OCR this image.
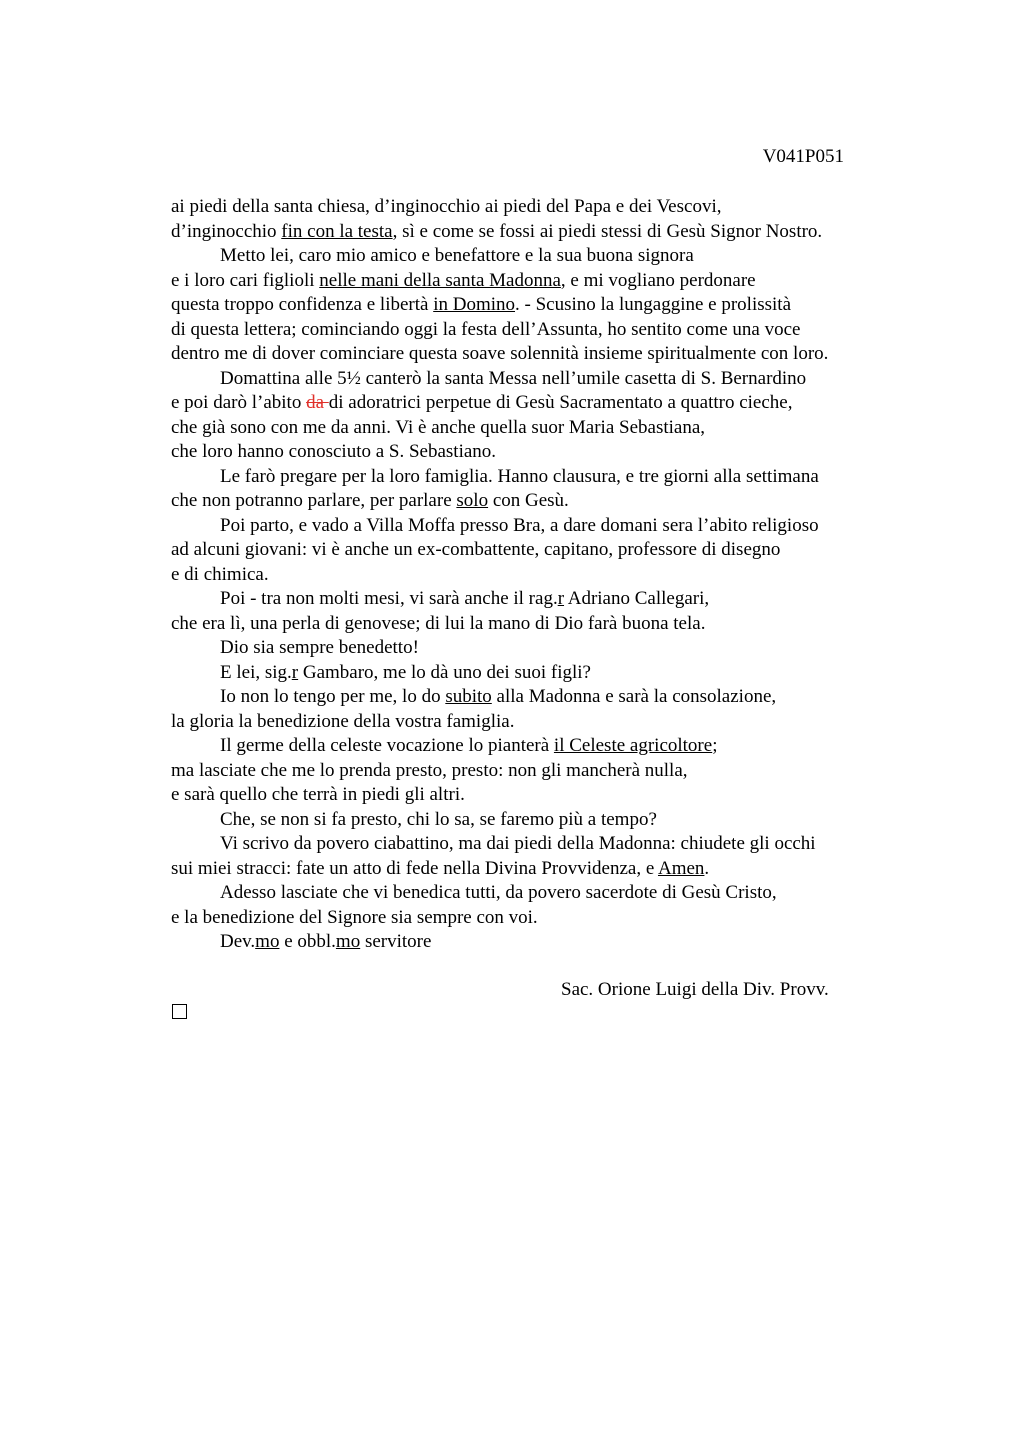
V041P051
ai piedi della santa chiesa, d’inginocchio ai piedi del Papa e dei Vescovi,
d’inginocchio fin con la testa, sì e come se fossi ai piedi stessi di Gesù Signor Nostro.
Metto lei, caro mio amico e benefattore e la sua buona signora
e i loro cari figlioli nelle mani della santa Madonna, e mi vogliano perdonare
questa troppo confidenza e libertà in Domino. - Scusino la lungaggine e prolissità
di questa lettera; cominciando oggi la festa dell’Assunta, ho sentito come una voce
dentro me di dover cominciare questa soave solennità insieme spiritualmente con loro.
Domattina alle 5½ canterò la santa Messa nell’umile casetta di S. Bernardino
e poi darò l’abito da di adoratrici perpetue di Gesù Sacramentato a quattro cieche,
che già sono con me da anni. Vi è anche quella suor Maria Sebastiana,
che loro hanno conosciuto a S. Sebastiano.
Le farò pregare per la loro famiglia. Hanno clausura, e tre giorni alla settimana
che non potranno parlare, per parlare solo con Gesù.
Poi parto, e vado a Villa Moffa presso Bra, a dare domani sera l’abito religioso
ad alcuni giovani: vi è anche un ex-combattente, capitano, professore di disegno
e di chimica.
Poi - tra non molti mesi, vi sarà anche il rag.r Adriano Callegari,
che era lì, una perla di genovese; di lui la mano di Dio farà buona tela.
Dio sia sempre benedetto!
E lei, sig.r Gambaro, me lo dà uno dei suoi figli?
Io non lo tengo per me, lo do subito alla Madonna e sarà la consolazione,
la gloria la benedizione della vostra famiglia.
Il germe della celeste vocazione lo pianterà il Celeste agricoltore;
ma lasciate che me lo prenda presto, presto: non gli mancherà nulla,
e sarà quello che terrà in piedi gli altri.
Che, se non si fa presto, chi lo sa, se faremo più a tempo?
Vi scrivo da povero ciabattino, ma dai piedi della Madonna: chiudete gli occhi
sui miei stracci: fate un atto di fede nella Divina Provvidenza, e Amen.
Adesso lasciate che vi benedica tutti, da povero sacerdote di Gesù Cristo,
e la benedizione del Signore sia sempre con voi.
Dev.mo e obbl.mo servitore
Sac. Orione Luigi della Div. Provv.
